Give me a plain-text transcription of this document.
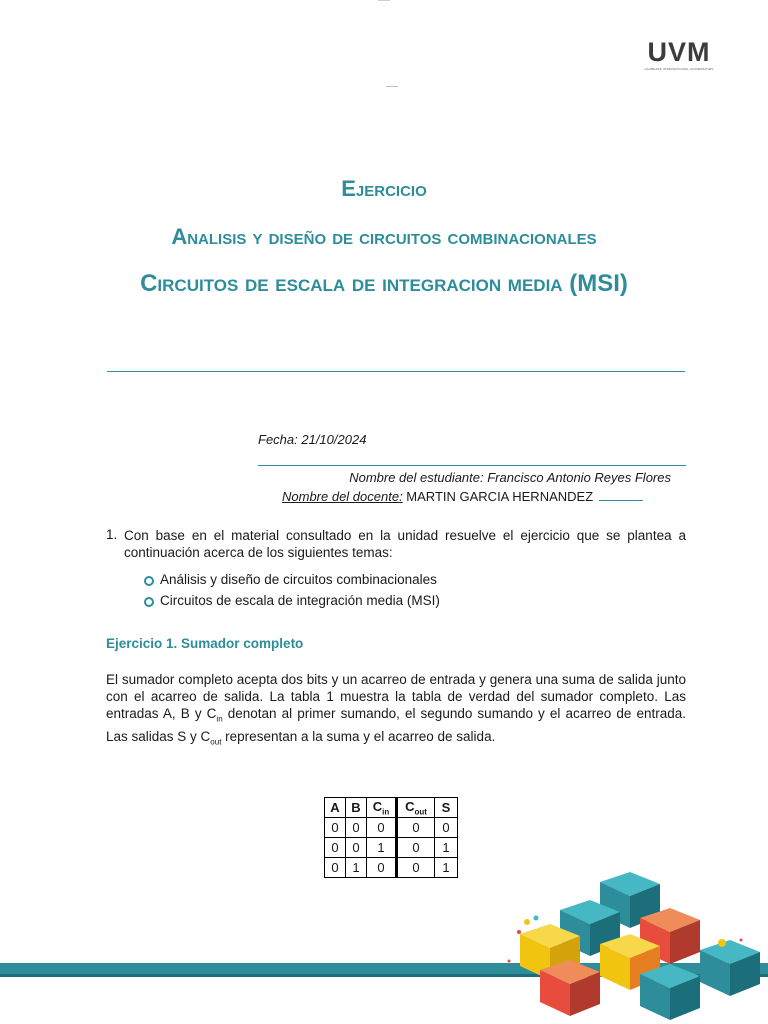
UVM
LAUREATE INTERNATIONAL UNIVERSITIES
Ejercicio
Analisis y diseño de circuitos combinacionales
Circuitos de escala de integracion media (MSI)
Fecha: 21/10/2024
Nombre del estudiante: Francisco Antonio Reyes Flores
Nombre del docente: MARTIN GARCIA HERNANDEZ
1. Con base en el material consultado en la unidad resuelve el ejercicio que se plantea a continuación acerca de los siguientes temas:
Análisis y diseño de circuitos combinacionales
Circuitos de escala de integración media (MSI)
Ejercicio 1. Sumador completo
El sumador completo acepta dos bits y un acarreo de entrada y genera una suma de salida junto con el acarreo de salida. La tabla 1 muestra la tabla de verdad del sumador completo. Las entradas A, B y $C_{in}$ denotan al primer sumando, el segundo sumando y el acarreo de entrada. Las salidas S y $C_{out}$ representan a la suma y el acarreo de salida.
A	B	$C_{in}$	$C_{out}$	S
0	0	0	0	0
0	0	1	0	1
0	1	0	0	1
